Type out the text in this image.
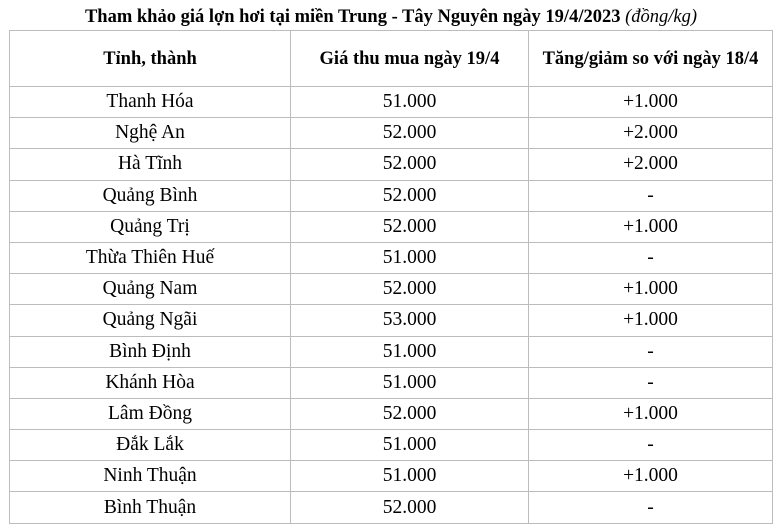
Tham khảo giá lợn hơi tại miền Trung - Tây Nguyên ngày 19/4/2023 (đồng/kg)
Tỉnh, thành	Giá thu mua ngày 19/4	Tăng/giảm so với ngày 18/4
Thanh Hóa	51.000	+1.000
Nghệ An	52.000	+2.000
Hà Tĩnh	52.000	+2.000
Quảng Bình	52.000	-
Quảng Trị	52.000	+1.000
Thừa Thiên Huế	51.000	-
Quảng Nam	52.000	+1.000
Quảng Ngãi	53.000	+1.000
Bình Định	51.000	-
Khánh Hòa	51.000	-
Lâm Đồng	52.000	+1.000
Đắk Lắk	51.000	-
Ninh Thuận	51.000	+1.000
Bình Thuận	52.000	-
